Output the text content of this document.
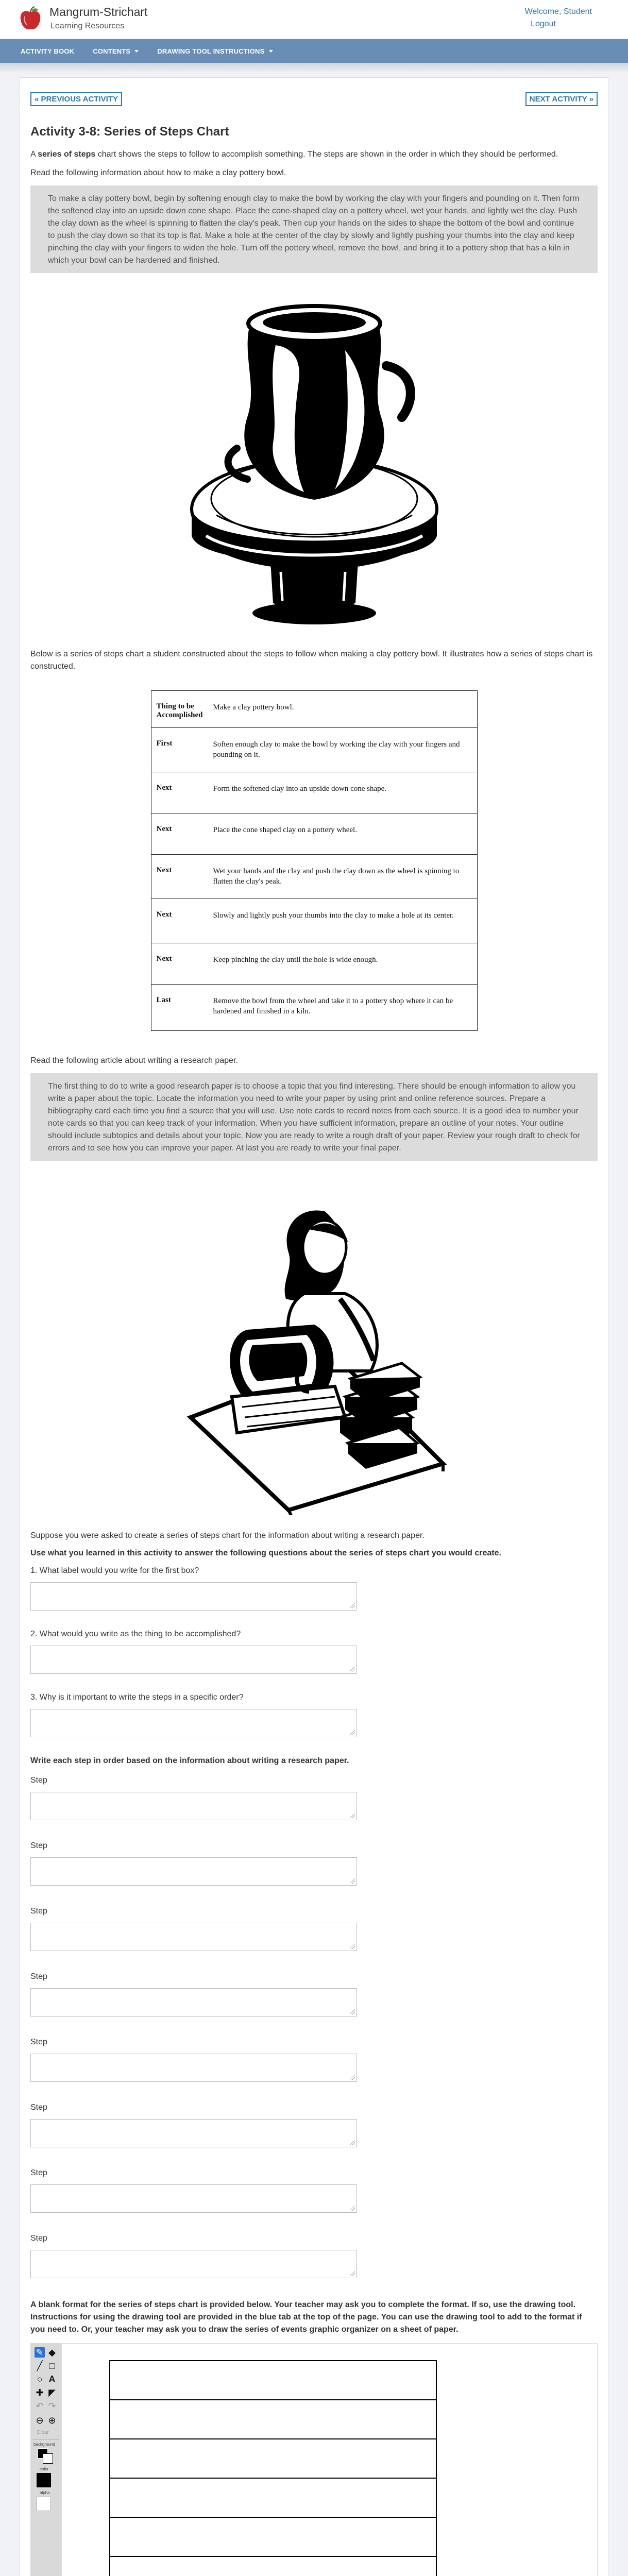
Mangrum-Strichart
Learning Resources
Welcome, Student
Logout
ACTIVITY BOOK	CONTENTS	DRAWING TOOL INSTRUCTIONS
« PREVIOUS ACTIVITY	NEXT ACTIVITY »
Activity 3-8: Series of Steps Chart

A series of steps chart shows the steps to follow to accomplish something. The steps are shown in the order in which they should be performed.

Read the following information about how to make a clay pottery bowl.

To make a clay pottery bowl, begin by softening enough clay to make the bowl by working the clay with your fingers and pounding on it. Then form the softened clay into an upside down cone shape. Place the cone-shaped clay on a pottery wheel, wet your hands, and lightly wet the clay. Push the clay down as the wheel is spinning to flatten the clay's peak. Then cup your hands on the sides to shape the bottom of the bowl and continue to push the clay down so that its top is flat. Make a hole at the center of the clay by slowly and lightly pushing your thumbs into the clay and keep pinching the clay with your fingers to widen the hole. Turn off the pottery wheel, remove the bowl, and bring it to a pottery shop that has a kiln in which your bowl can be hardened and finished.

Below is a series of steps chart a student constructed about the steps to follow when making a clay pottery bowl. It illustrates how a series of steps chart is constructed.

Thing to be Accomplished	Make a clay pottery bowl.
First	Soften enough clay to make the bowl by working the clay with your fingers and pounding on it.
Next	Form the softened clay into an upside down cone shape.
Next	Place the cone shaped clay on a pottery wheel.
Next	Wet your hands and the clay and push the clay down as the wheel is spinning to flatten the clay's peak.
Next	Slowly and lightly push your thumbs into the clay to make a hole at its center.
Next	Keep pinching the clay until the hole is wide enough.
Last	Remove the bowl from the wheel and take it to a pottery shop where it can be hardened and finished in a kiln.

Read the following article about writing a research paper.

The first thing to do to write a good research paper is to choose a topic that you find interesting. There should be enough information to allow you write a paper about the topic. Locate the information you need to write your paper by using print and online reference sources. Prepare a bibliography card each time you find a source that you will use. Use note cards to record notes from each source. It is a good idea to number your note cards so that you can keep track of your information. When you have sufficient information, prepare an outline of your notes. Your outline should include subtopics and details about your topic. Now you are ready to write a rough draft of your paper. Review your rough draft to check for errors and to see how you can improve your paper. At last you are ready to write your final paper.

Suppose you were asked to create a series of steps chart for the information about writing a research paper.

Use what you learned in this activity to answer the following questions about the series of steps chart you would create.

1. What label would you write for the first box?

2. What would you write as the thing to be accomplished?

3. Why is it important to write the steps in a specific order?

Write each step in order based on the information about writing a research paper.

Step

Step

Step

Step

Step

Step

Step

Step

A blank format for the series of steps chart is provided below. Your teacher may ask you to complete the format. If so, use the drawing tool. Instructions for using the drawing tool are provided in the blue tab at the top of the page. You can use the drawing tool to add to the format if you need to. Or, your teacher may ask you to draw the series of events graphic organizer on a sheet of paper.

✎ ◆
╱ □
○ A
✚ ◤
↶ ↷
⊖ ⊕
Clear
background
color
alpha
